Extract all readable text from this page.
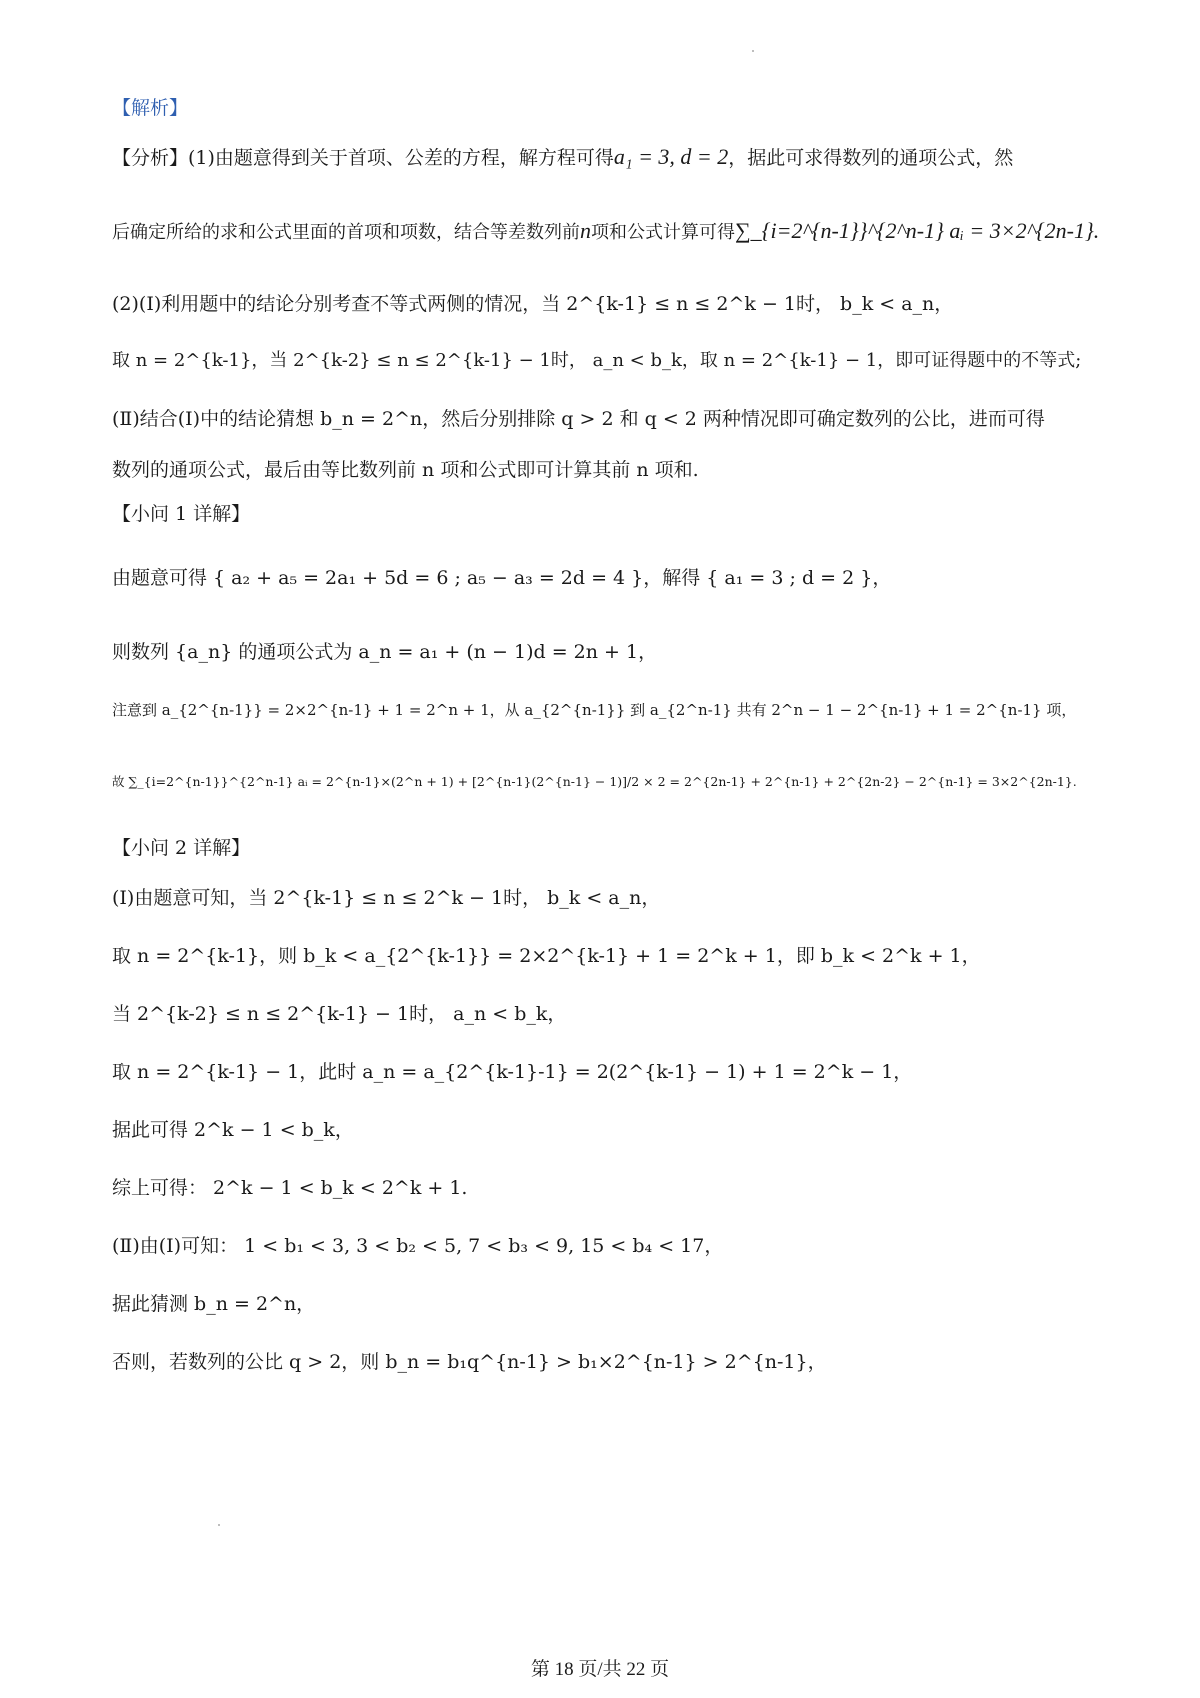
【解析】
【分析】(1)由题意得到关于首项、公差的方程，解方程可得a₁ = 3, d = 2，据此可求得数列的通项公式，然
后确定所给的求和公式里面的首项和项数，结合等差数列前n项和公式计算可得∑_{i=2^{n-1}}^{2^n-1} aᵢ = 3×2^{2n-1}.
(2)(Ⅰ)利用题中的结论分别考查不等式两侧的情况，当 2^{k-1} ≤ n ≤ 2^k − 1时， b_k < a_n，
取 n = 2^{k-1}，当 2^{k-2} ≤ n ≤ 2^{k-1} − 1时， a_n < b_k，取 n = 2^{k-1} − 1，即可证得题中的不等式;
(Ⅱ)结合(Ⅰ)中的结论猜想 b_n = 2^n，然后分别排除 q > 2 和 q < 2 两种情况即可确定数列的公比，进而可得
数列的通项公式，最后由等比数列前 n 项和公式即可计算其前 n 项和.
【小问 1 详解】
由题意可得 { a₂ + a₅ = 2a₁ + 5d = 6 ; a₅ − a₃ = 2d = 4 }，解得 { a₁ = 3 ; d = 2 }，
则数列 {a_n} 的通项公式为 a_n = a₁ + (n − 1)d = 2n + 1，
注意到 a_{2^{n-1}} = 2×2^{n-1} + 1 = 2^n + 1，从 a_{2^{n-1}} 到 a_{2^n-1} 共有 2^n − 1 − 2^{n-1} + 1 = 2^{n-1} 项，
故 ∑_{i=2^{n-1}}^{2^n-1} aᵢ = 2^{n-1}×(2^n + 1) + [2^{n-1}(2^{n-1} − 1)]/2 × 2 = 2^{2n-1} + 2^{n-1} + 2^{2n-2} − 2^{n-1} = 3×2^{2n-1}.
【小问 2 详解】
(Ⅰ)由题意可知，当 2^{k-1} ≤ n ≤ 2^k − 1时， b_k < a_n，
取 n = 2^{k-1}，则 b_k < a_{2^{k-1}} = 2×2^{k-1} + 1 = 2^k + 1，即 b_k < 2^k + 1，
当 2^{k-2} ≤ n ≤ 2^{k-1} − 1时， a_n < b_k，
取 n = 2^{k-1} − 1，此时 a_n = a_{2^{k-1}-1} = 2(2^{k-1} − 1) + 1 = 2^k − 1，
据此可得 2^k − 1 < b_k，
综上可得： 2^k − 1 < b_k < 2^k + 1.
(Ⅱ)由(Ⅰ)可知： 1 < b₁ < 3, 3 < b₂ < 5, 7 < b₃ < 9, 15 < b₄ < 17，
据此猜测 b_n = 2^n，
否则，若数列的公比 q > 2，则 b_n = b₁q^{n-1} > b₁×2^{n-1} > 2^{n-1}，
第 18 页/共 22 页
